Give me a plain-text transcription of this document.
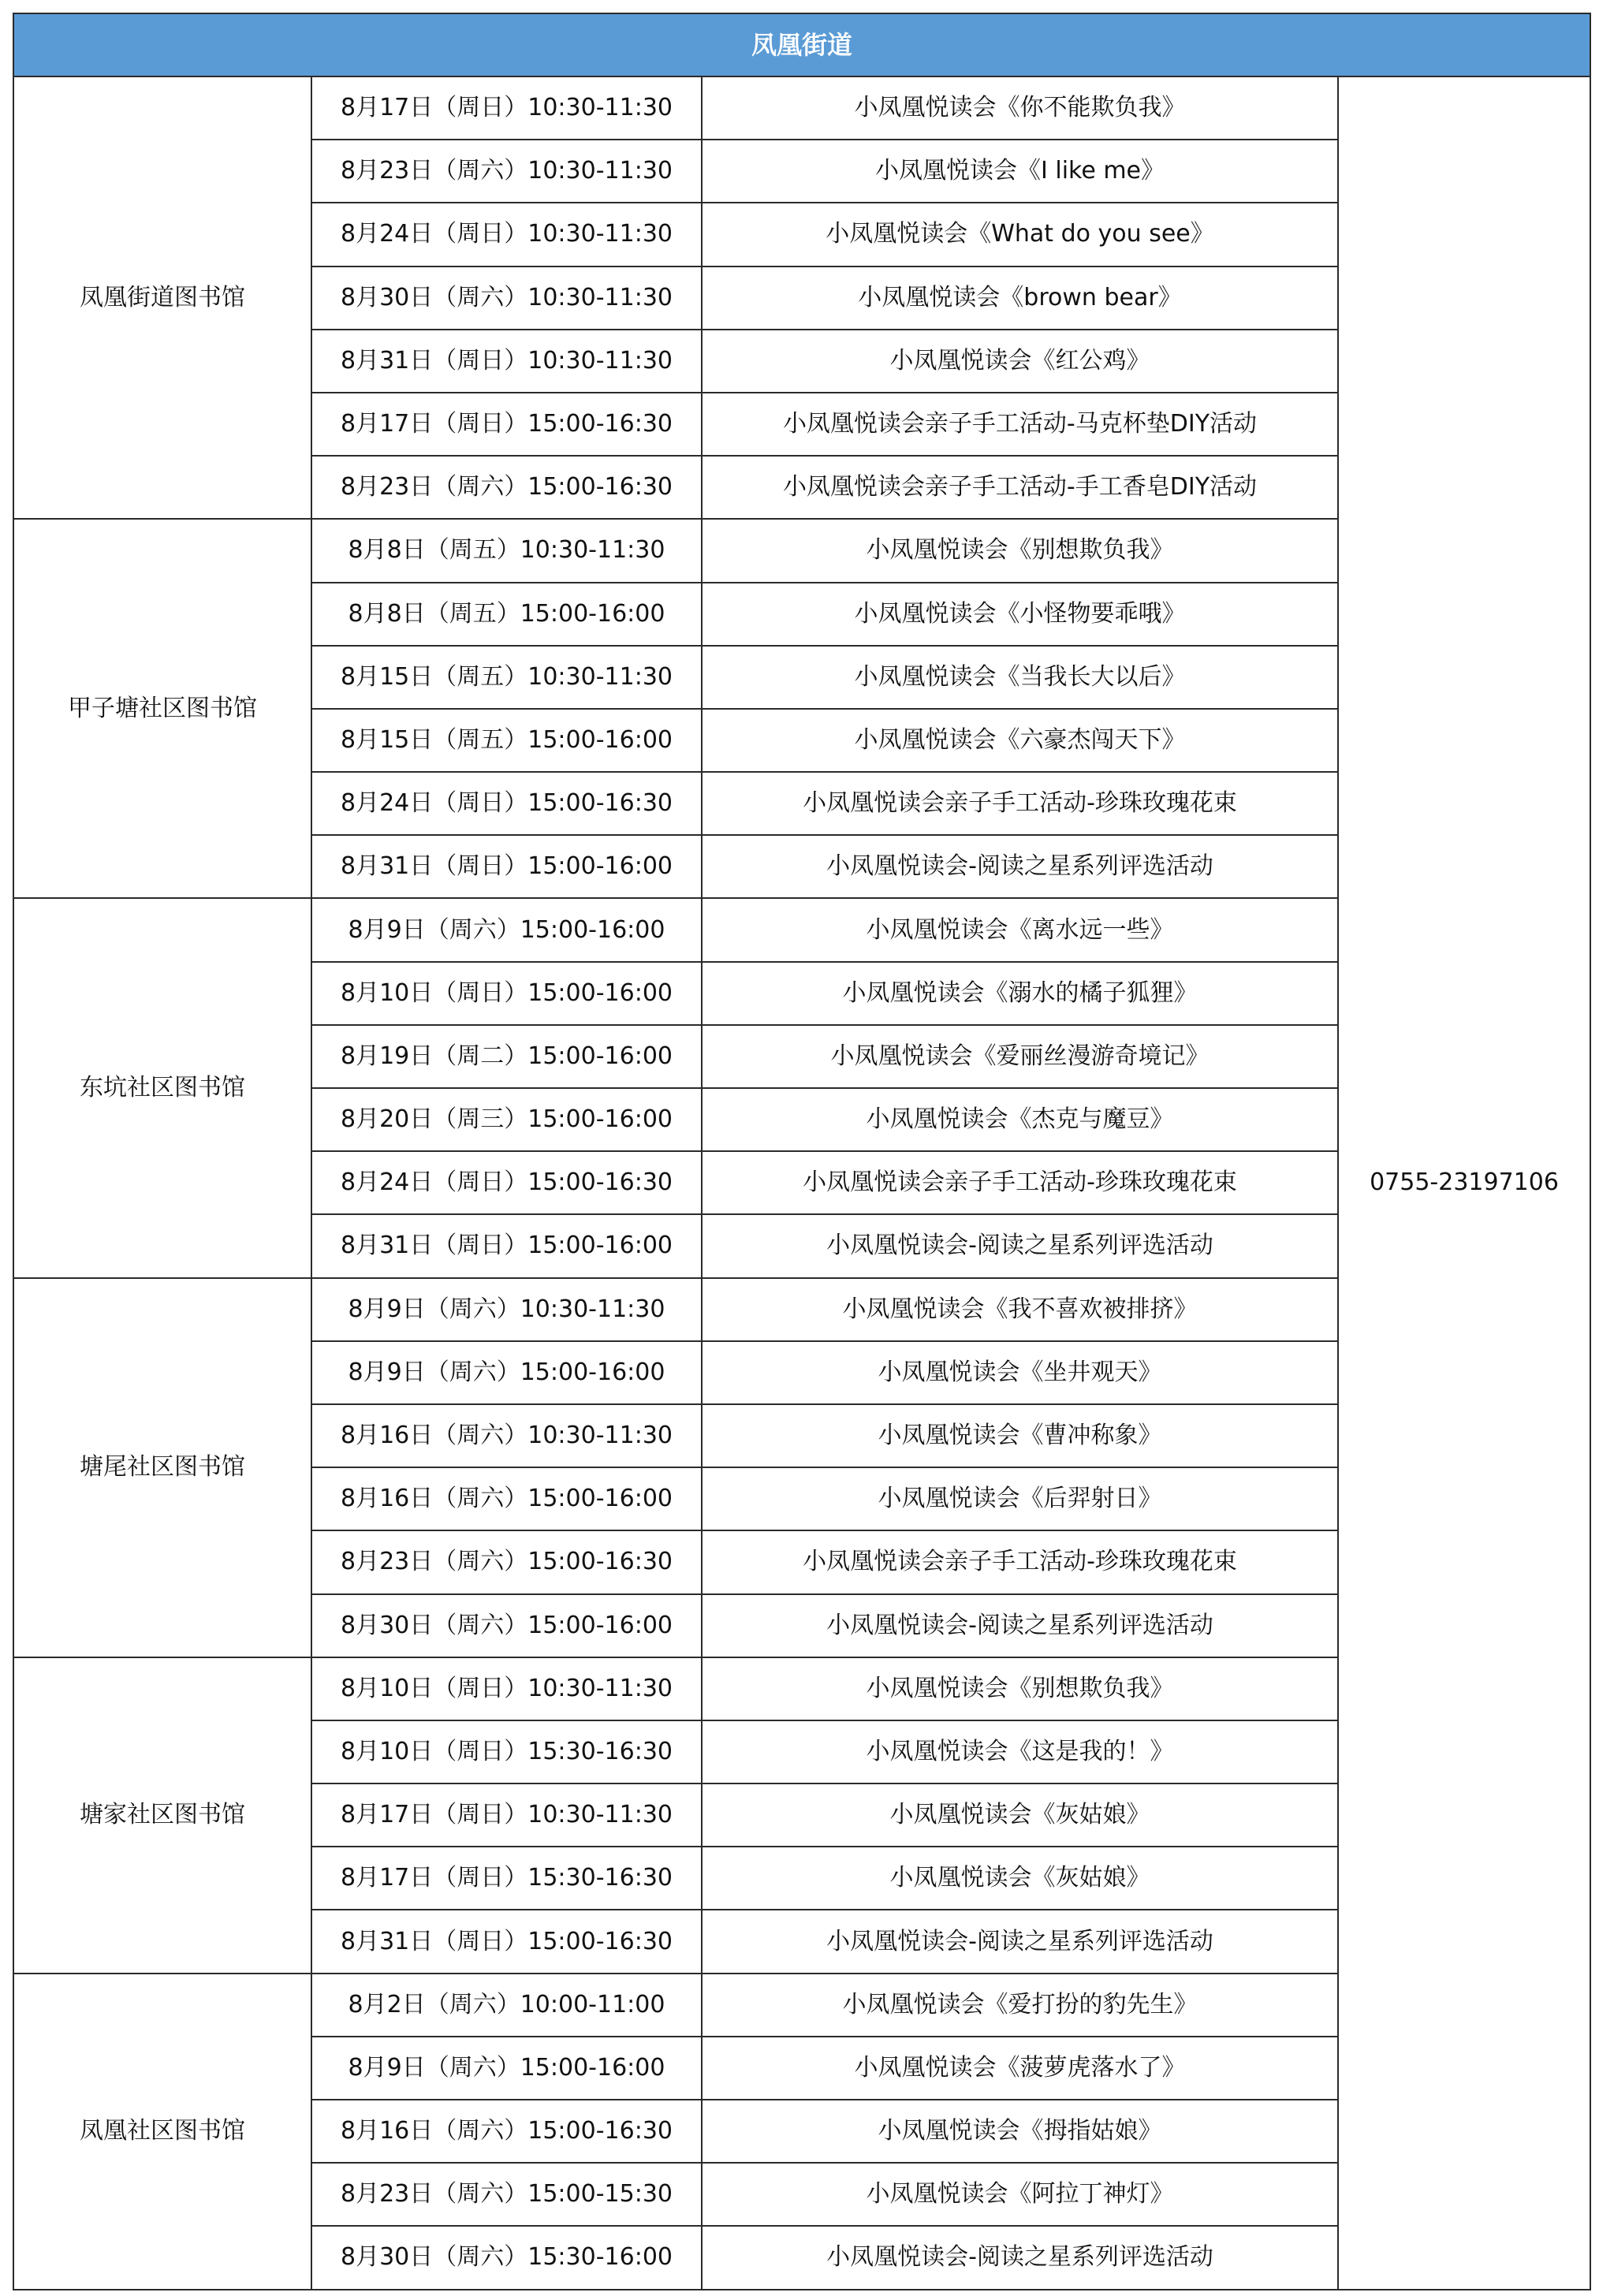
凤凰街道			
凤凰街道图书馆	8月17日（周日）10:30-11:30	小凤凰悦读会《你不能欺负我》	0755-23197106
	8月23日（周六）10:30-11:30	小凤凰悦读会《I like me》	
	8月24日（周日）10:30-11:30	小凤凰悦读会《What do you see》	
	8月30日（周六）10:30-11:30	小凤凰悦读会《brown bear》	
	8月31日（周日）10:30-11:30	小凤凰悦读会《红公鸡》	
	8月17日（周日）15:00-16:30	小凤凰悦读会亲子手工活动-马克杯垫DIY活动	
	8月23日（周六）15:00-16:30	小凤凰悦读会亲子手工活动-手工香皂DIY活动	
甲子塘社区图书馆	8月8日（周五）10:30-11:30	小凤凰悦读会《别想欺负我》	
	8月8日（周五）15:00-16:00	小凤凰悦读会《小怪物要乖哦》	
	8月15日（周五）10:30-11:30	小凤凰悦读会《当我长大以后》	
	8月15日（周五）15:00-16:00	小凤凰悦读会《六豪杰闯天下》	
	8月24日（周日）15:00-16:30	小凤凰悦读会亲子手工活动-珍珠玫瑰花束	
	8月31日（周日）15:00-16:00	小凤凰悦读会-阅读之星系列评选活动	
东坑社区图书馆	8月9日（周六）15:00-16:00	小凤凰悦读会《离水远一些》	
	8月10日（周日）15:00-16:00	小凤凰悦读会《溺水的橘子狐狸》	
	8月19日（周二）15:00-16:00	小凤凰悦读会《爱丽丝漫游奇境记》	
	8月20日（周三）15:00-16:00	小凤凰悦读会《杰克与魔豆》	
	8月24日（周日）15:00-16:30	小凤凰悦读会亲子手工活动-珍珠玫瑰花束	
	8月31日（周日）15:00-16:00	小凤凰悦读会-阅读之星系列评选活动	
塘尾社区图书馆	8月9日（周六）10:30-11:30	小凤凰悦读会《我不喜欢被排挤》	
	8月9日（周六）15:00-16:00	小凤凰悦读会《坐井观天》	
	8月16日（周六）10:30-11:30	小凤凰悦读会《曹冲称象》	
	8月16日（周六）15:00-16:00	小凤凰悦读会《后羿射日》	
	8月23日（周六）15:00-16:30	小凤凰悦读会亲子手工活动-珍珠玫瑰花束	
	8月30日（周六）15:00-16:00	小凤凰悦读会-阅读之星系列评选活动	
塘家社区图书馆	8月10日（周日）10:30-11:30	小凤凰悦读会《别想欺负我》	
	8月10日（周日）15:30-16:30	小凤凰悦读会《这是我的！》	
	8月17日（周日）10:30-11:30	小凤凰悦读会《灰姑娘》	
	8月17日（周日）15:30-16:30	小凤凰悦读会《灰姑娘》	
	8月31日（周日）15:00-16:30	小凤凰悦读会-阅读之星系列评选活动	
凤凰社区图书馆	8月2日（周六）10:00-11:00	小凤凰悦读会《爱打扮的豹先生》	
	8月9日（周六）15:00-16:00	小凤凰悦读会《菠萝虎落水了》	
	8月16日（周六）15:00-16:30	小凤凰悦读会《拇指姑娘》	
	8月23日（周六）15:00-15:30	小凤凰悦读会《阿拉丁神灯》	
	8月30日（周六）15:30-16:00	小凤凰悦读会-阅读之星系列评选活动	
